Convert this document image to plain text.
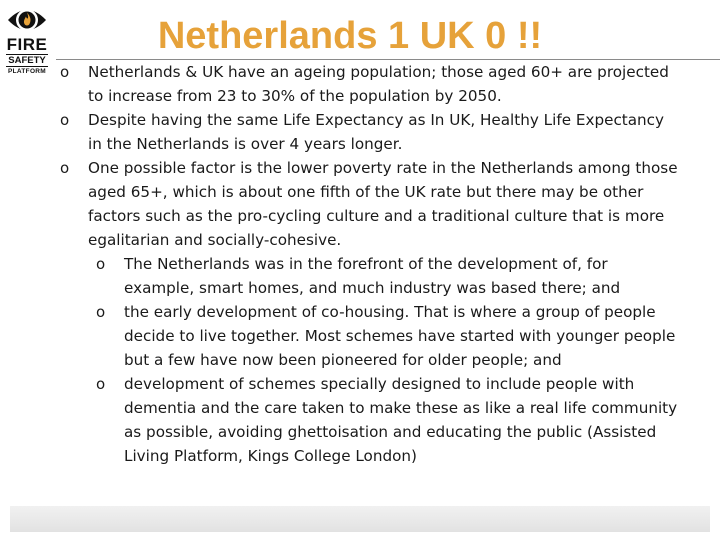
FIRE
SAFETY
PLATFORM
Netherlands 1 UK 0 !!
o	Netherlands & UK have an ageing population; those aged 60+ are projected to increase from 23 to 30% of the population by 2050.
o	Despite having the same Life Expectancy as In UK, Healthy Life Expectancy in the Netherlands is over 4 years longer.
o	One possible factor is the lower poverty rate in the Netherlands among those aged 65+, which is about one fifth of the UK rate but there may be other factors such as the pro-cycling culture and a traditional culture that is more egalitarian and socially-cohesive.
o	The Netherlands was in the forefront of the development of, for example, smart homes, and much industry was based there; and
o	the early development of co-housing. That is where a group of people decide to live together. Most schemes have started with younger people but a few have now been pioneered for older people; and
o	development of schemes specially designed to include people with dementia and the care taken to make these as like a real life community as possible, avoiding ghettoisation and educating the public (Assisted Living Platform, Kings College London)
